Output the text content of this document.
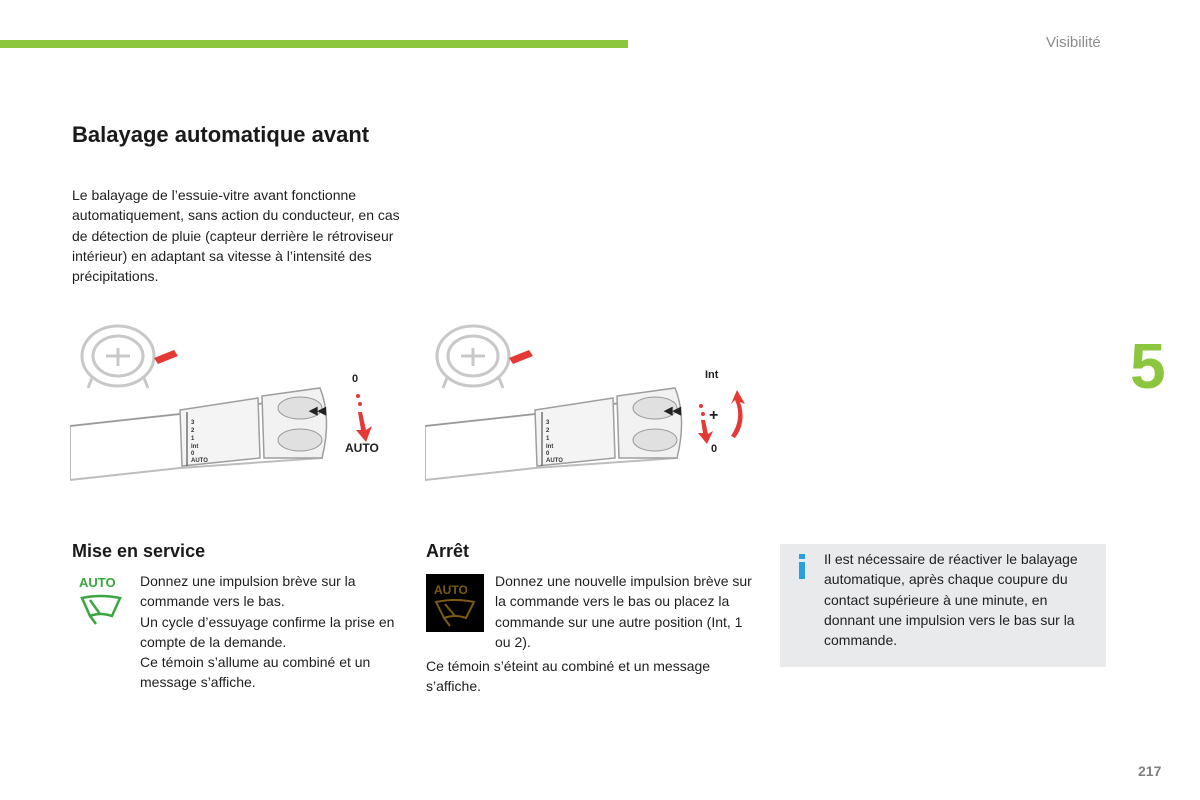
Visibilité
5
Balayage automatique avant

Le balayage de l’essuie-vitre avant fonctionne automatiquement, sans action du conducteur, en cas de détection de pluie (capteur derrière le rétroviseur intérieur) en adaptant sa vitesse à l’intensité des précipitations.

3
2
1
Int
0
AUTO
◀◀
0
AUTO
3
2
1
Int
0
AUTO
◀◀
Int
+
0
Mise en service
AUTO Donnez une impulsion brève sur la commande vers le bas.
Un cycle d’essuyage confirme la prise en compte de la demande.
Ce témoin s’allume au combiné et un message s’affiche.

Arrêt
AUTO

Donnez une nouvelle impulsion brève sur la commande vers le bas ou placez la commande sur une autre position (Int, 1 ou 2).

Ce témoin s’éteint au combiné et un message s’affiche.

Il est nécessaire de réactiver le balayage automatique, après chaque coupure du contact supérieure à une minute, en donnant une impulsion vers le bas sur la commande.

217
